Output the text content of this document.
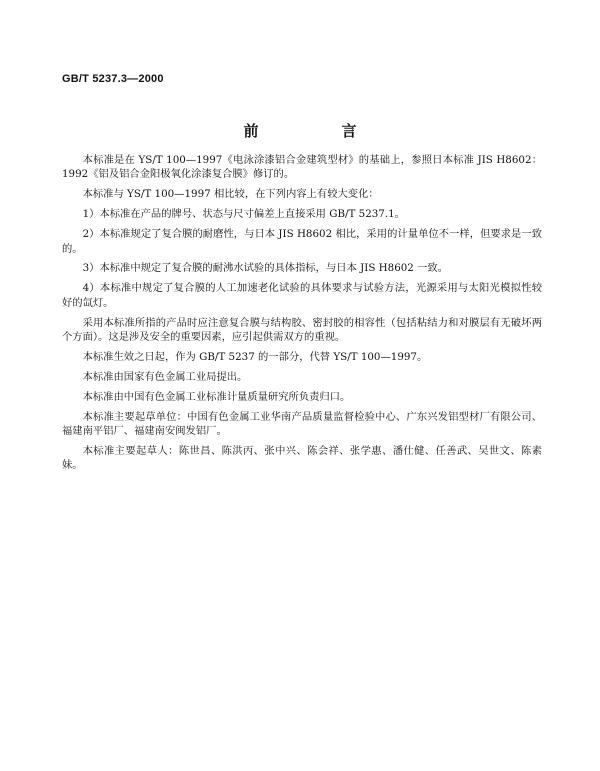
GB/T 5237.3—2000
前　言

本标准是在 YS/T 100—1997《电泳涂漆铝合金建筑型材》的基础上，参照日本标准 JIS H8602：1992《铝及铝合金阳极氧化涂漆复合膜》修订的。

本标准与 YS/T 100—1997 相比较，在下列内容上有较大变化：

1）本标准在产品的牌号、状态与尺寸偏差上直接采用 GB/T 5237.1。

2）本标准规定了复合膜的耐磨性，与日本 JIS H8602 相比，采用的计量单位不一样，但要求是一致的。

3）本标准中规定了复合膜的耐沸水试验的具体指标，与日本 JIS H8602 一致。

4）本标准中规定了复合膜的人工加速老化试验的具体要求与试验方法，光源采用与太阳光模拟性较好的氙灯。

采用本标准所指的产品时应注意复合膜与结构胶、密封胶的相容性（包括粘结力和对膜层有无破坏两个方面）。这是涉及安全的重要因素，应引起供需双方的重视。

本标准生效之日起，作为 GB/T 5237 的一部分，代替 YS/T 100—1997。

本标准由国家有色金属工业局提出。

本标准由中国有色金属工业标准计量质量研究所负责归口。

本标准主要起草单位：中国有色金属工业华南产品质量监督检验中心、广东兴发铝型材厂有限公司、福建南平铝厂、福建南安闽发铝厂。

本标准主要起草人：陈世昌、陈洪丙、张中兴、陈会祥、张学惠、潘仕健、任善武、吴世文、陈素妹。
